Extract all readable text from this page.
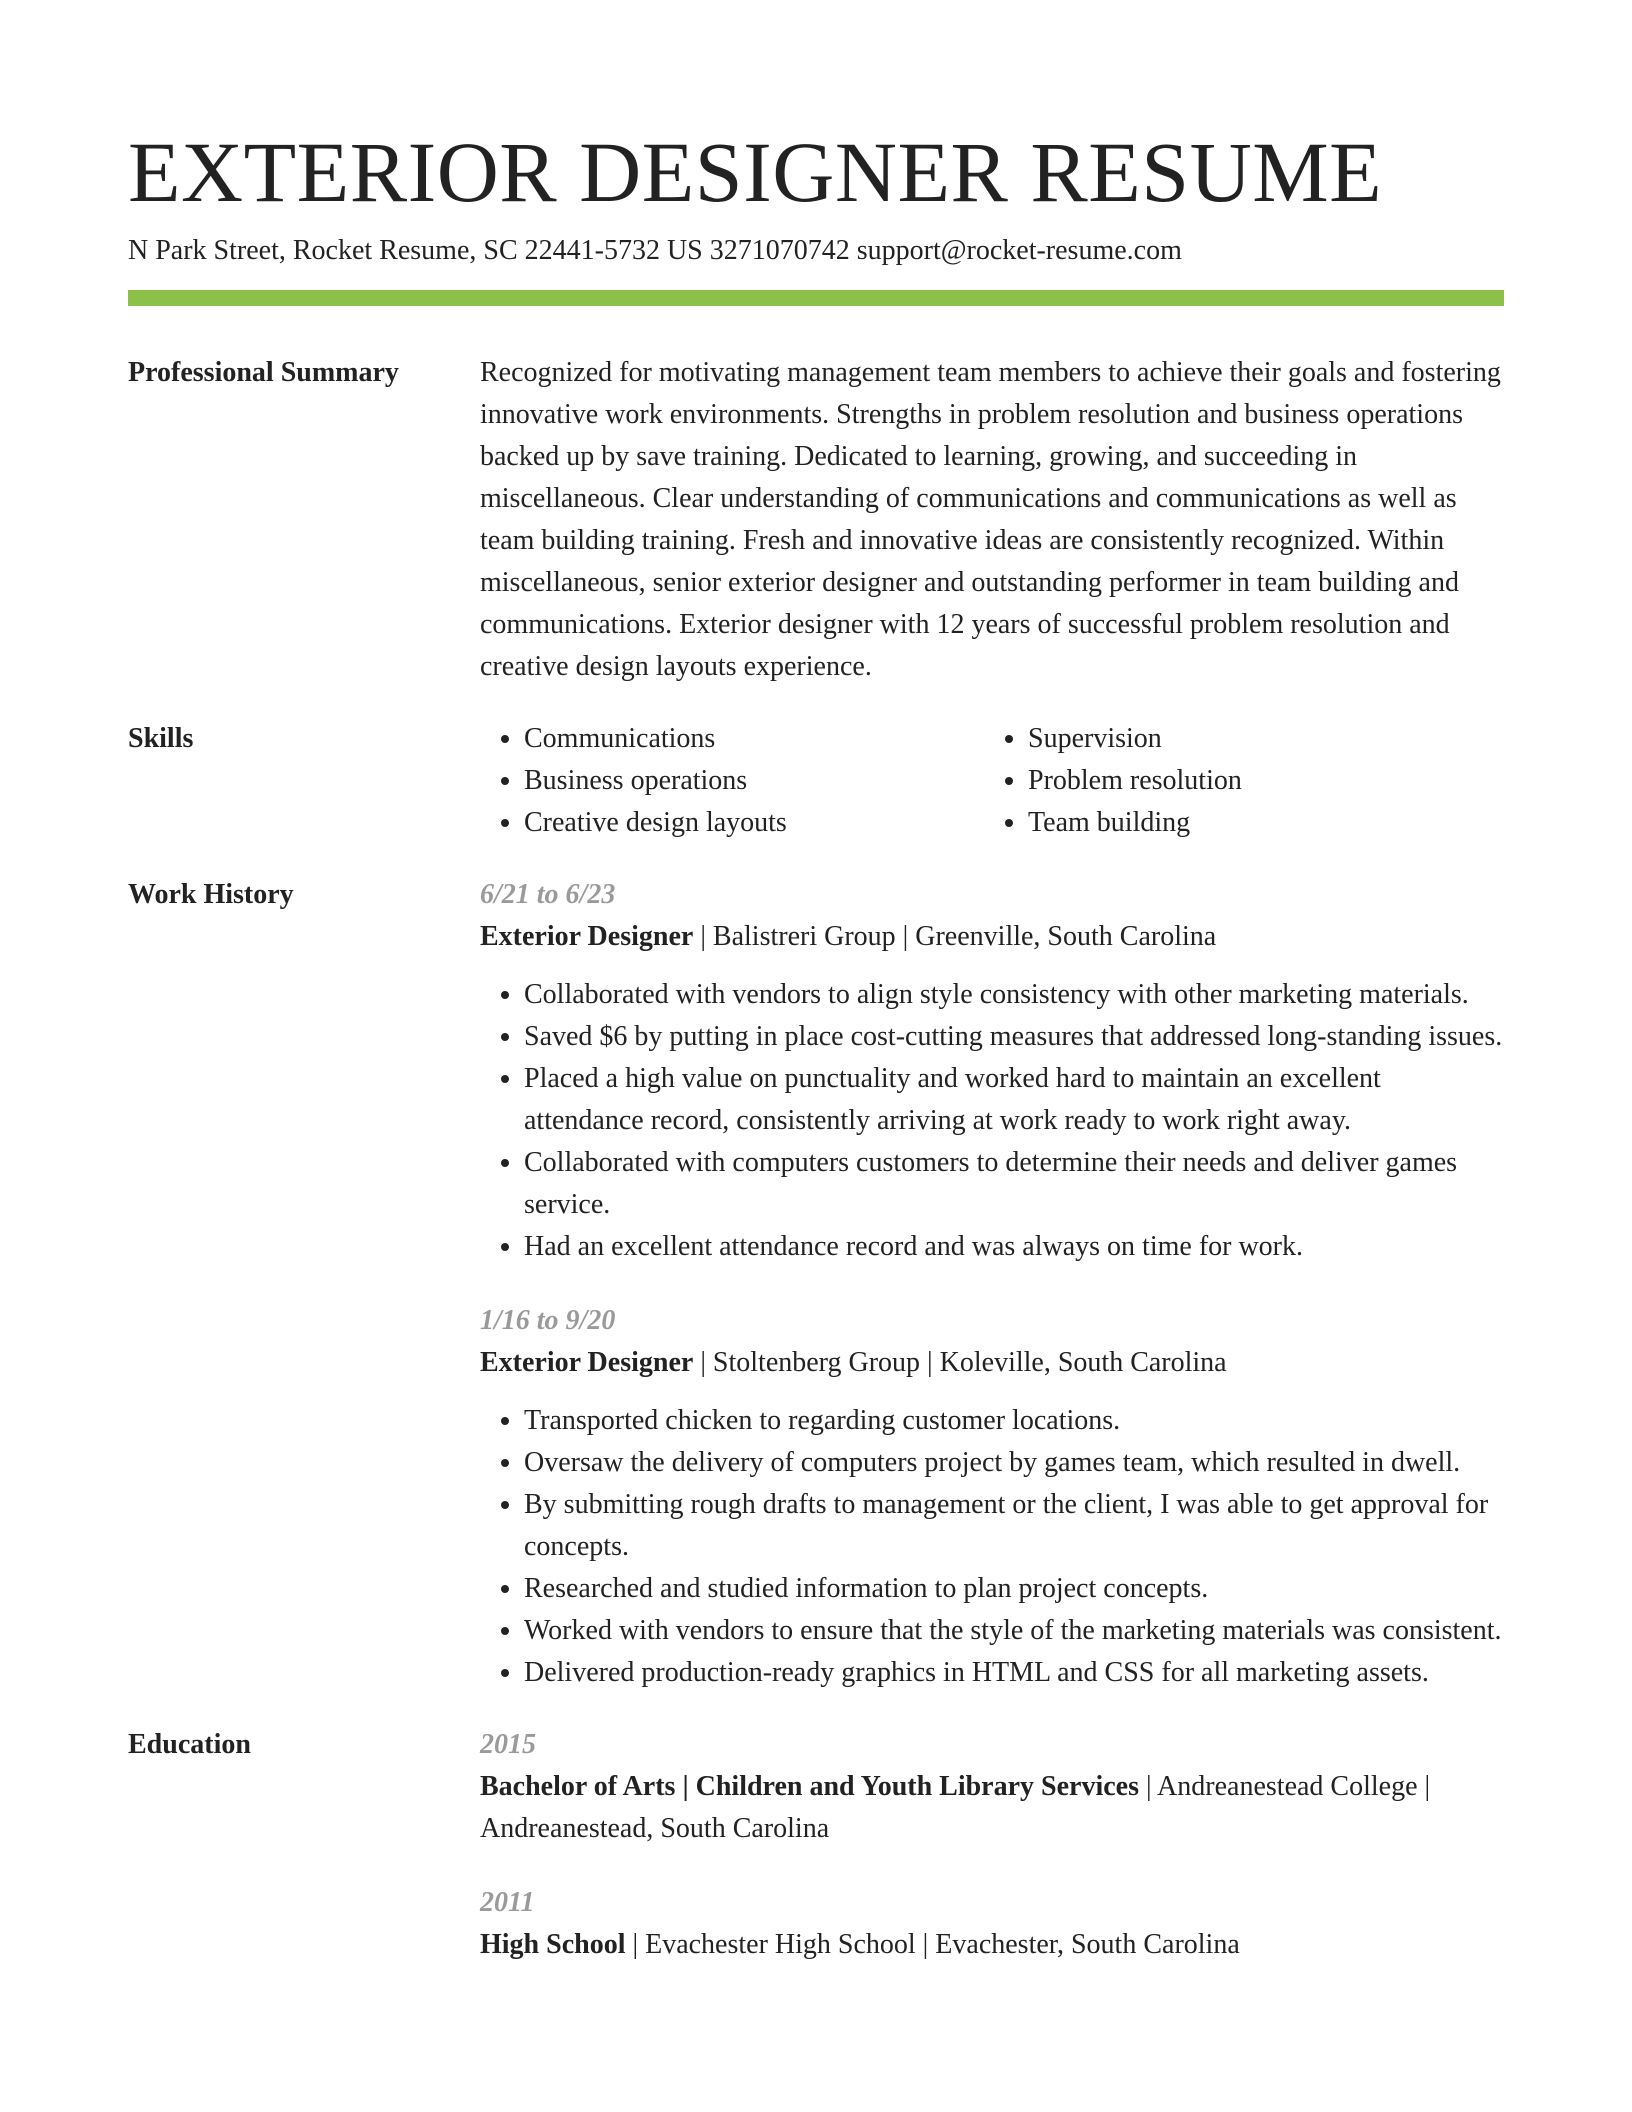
EXTERIOR DESIGNER RESUME
N Park Street, Rocket Resume, SC 22441-5732 US 3271070742 support@rocket-resume.com
Professional Summary	Recognized for motivating management team members to achieve their goals and fostering innovative work environments. Strengths in problem resolution and business operations backed up by save training. Dedicated to learning, growing, and succeeding in miscellaneous. Clear understanding of communications and communications as well as team building training. Fresh and innovative ideas are consistently recognized. Within miscellaneous, senior exterior designer and outstanding performer in team building and communications. Exterior designer with 12 years of successful problem resolution and creative design layouts experience.

Skills
•	Communications
• Business operations
• Creative design layouts
• Supervision
• Problem resolution
• Team building
Work History	6/21 to 6/23
Exterior Designer | Balistreri Group | Greenville, South Carolina
• Collaborated with vendors to align style consistency with other marketing materials.
• Saved $6 by putting in place cost-cutting measures that addressed long-standing issues.
• Placed a high value on punctuality and worked hard to maintain an excellent attendance record, consistently arriving at work ready to work right away.
• Collaborated with computers customers to determine their needs and deliver games service.
• Had an excellent attendance record and was always on time for work.
1/16 to 9/20
Exterior Designer | Stoltenberg Group | Koleville, South Carolina
• Transported chicken to regarding customer locations.
• Oversaw the delivery of computers project by games team, which resulted in dwell.
• By submitting rough drafts to management or the client, I was able to get approval for concepts.
• Researched and studied information to plan project concepts.
• Worked with vendors to ensure that the style of the marketing materials was consistent.
• Delivered production-ready graphics in HTML and CSS for all marketing assets.
Education	2015
Bachelor of Arts | Children and Youth Library Services | Andreanestead College | Andreanestead, South Carolina
2011
High School | Evachester High School | Evachester, South Carolina
